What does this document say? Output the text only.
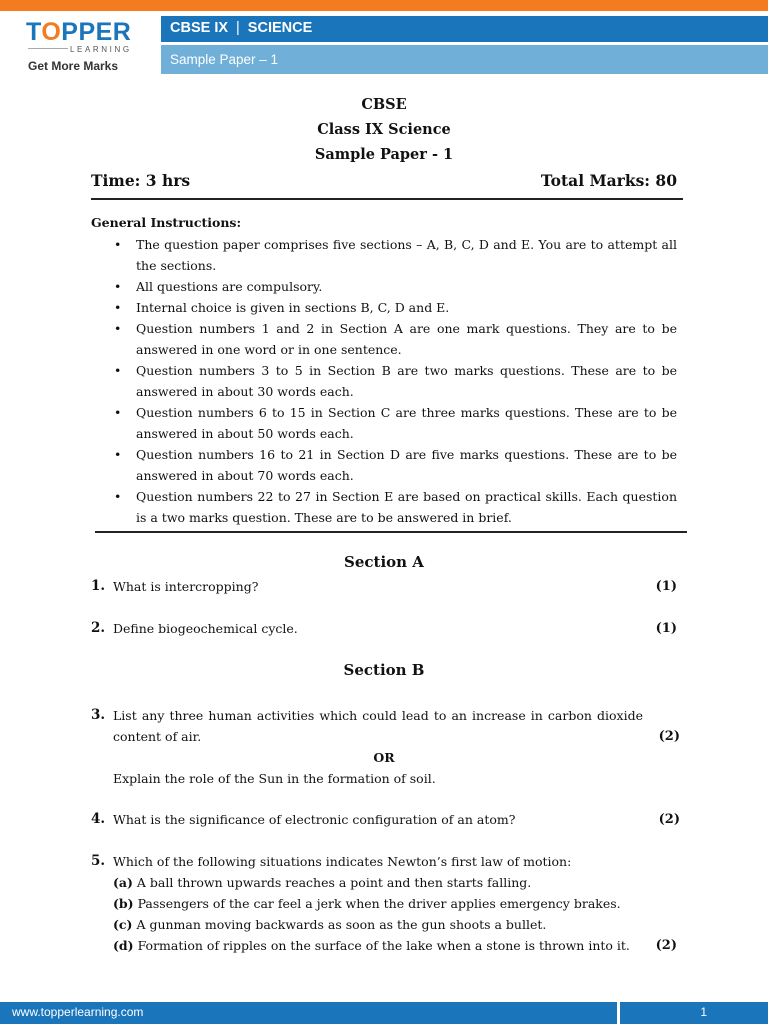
TOPPER
LEARNING
Get More Marks
CBSE IX | SCIENCE
Sample Paper – 1
CBSE
Class IX Science
Sample Paper - 1
Time: 3 hrs	Total Marks: 80
General Instructions:
• The question paper comprises five sections – A, B, C, D and E. You are to attempt all the sections.
• All questions are compulsory.
• Internal choice is given in sections B, C, D and E.
• Question numbers 1 and 2 in Section A are one mark questions. They are to be answered in one word or in one sentence.
• Question numbers 3 to 5 in Section B are two marks questions. These are to be answered in about 30 words each.
• Question numbers 6 to 15 in Section C are three marks questions. These are to be answered in about 50 words each.
• Question numbers 16 to 21 in Section D are five marks questions. These are to be answered in about 70 words each.
• Question numbers 22 to 27 in Section E are based on practical skills. Each question is a two marks question. These are to be answered in brief.
Section A
1. What is intercropping?	(1)
2. Define biogeochemical cycle.	(1)
Section B
3. List any three human activities which could lead to an increase in carbon dioxide content of air.	(2)
OR
Explain the role of the Sun in the formation of soil.
4. What is the significance of electronic configuration of an atom?	(2)
5. Which of the following situations indicates Newton’s first law of motion:
(a) A ball thrown upwards reaches a point and then starts falling.
(b) Passengers of the car feel a jerk when the driver applies emergency brakes.
(c) A gunman moving backwards as soon as the gun shoots a bullet.
(d) Formation of ripples on the surface of the lake when a stone is thrown into it.	(2)
www.topperlearning.com	1
